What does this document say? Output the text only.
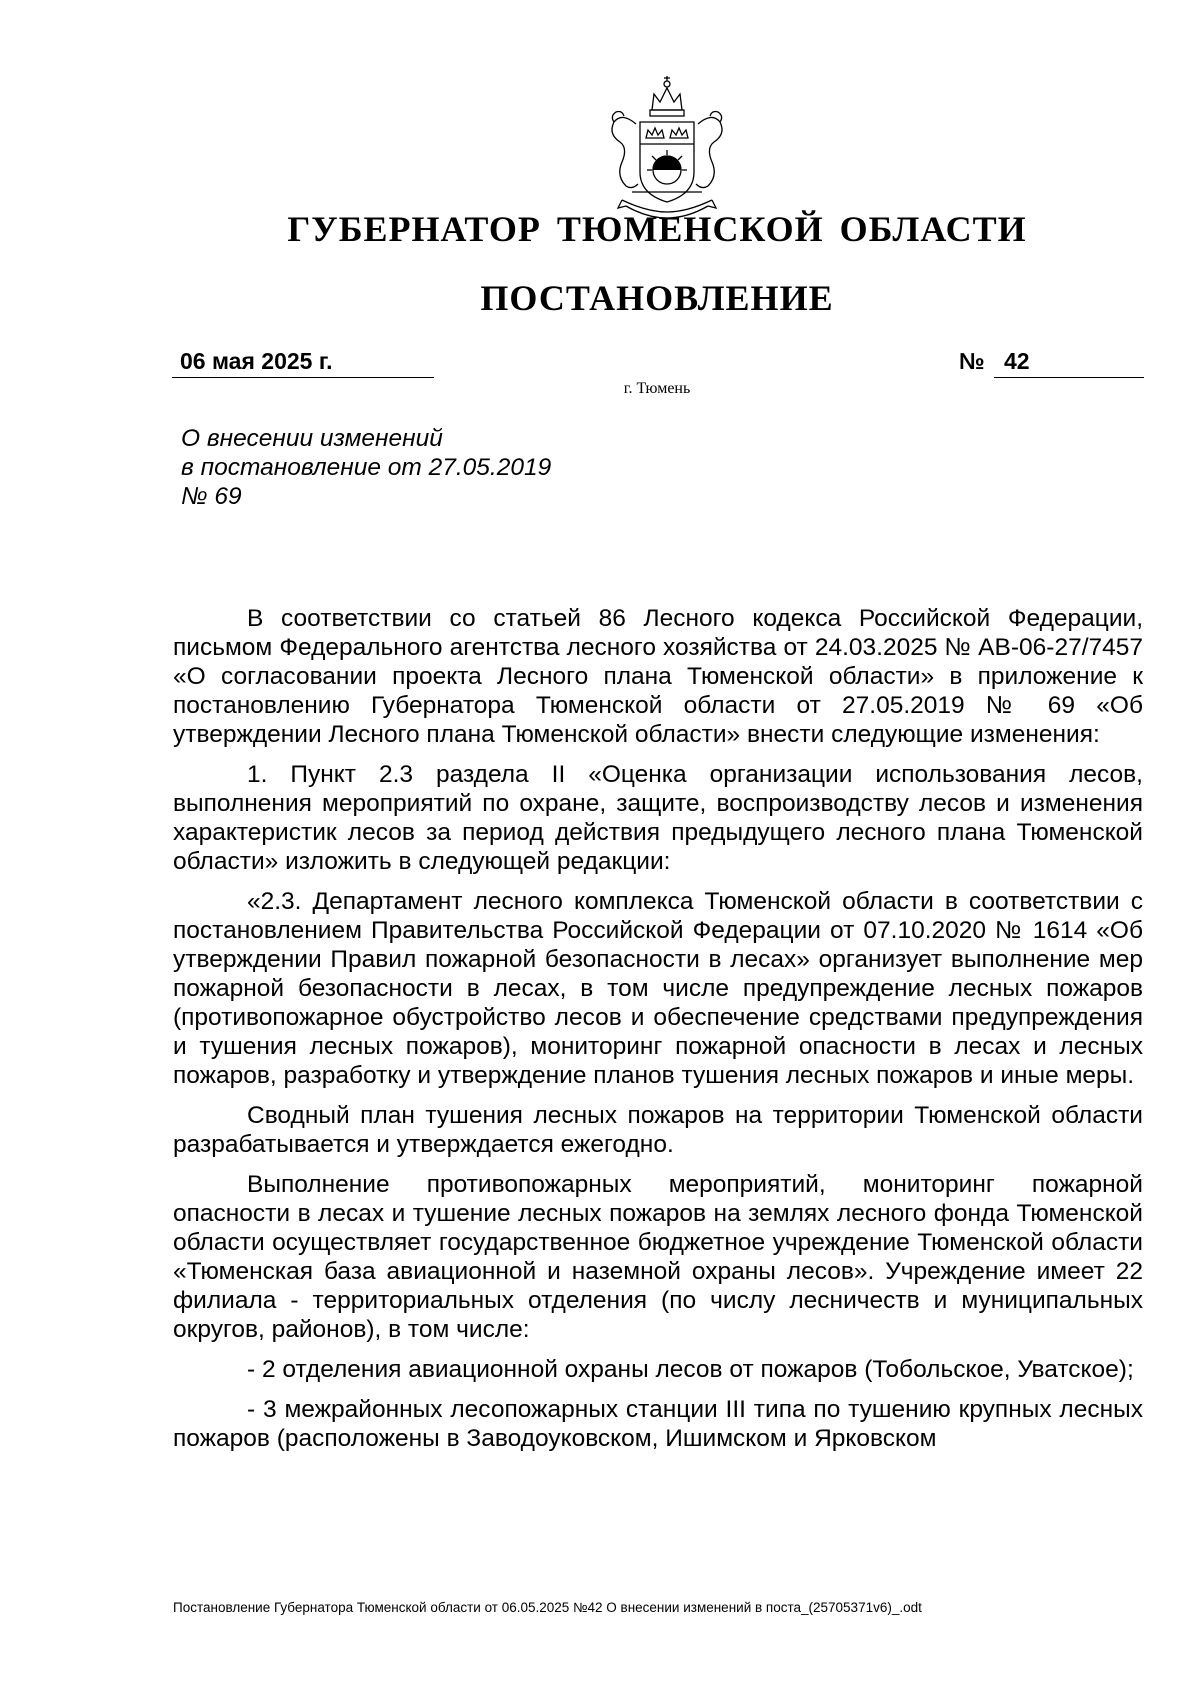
ГУБЕРНАТОР ТЮМЕНСКОЙ ОБЛАСТИ
ПОСТАНОВЛЕНИЕ
06 мая 2025 г.	№ 42
г. Тюмень
О внесении изменений
в постановление от 27.05.2019
№ 69

В соответствии со статьей 86 Лесного кодекса Российской Федерации, письмом Федерального агентства лесного хозяйства от 24.03.2025 № АВ-06-27/7457 «О согласовании проекта Лесного плана Тюменской области» в приложение к постановлению Губернатора Тюменской области от 27.05.2019 № 69 «Об утверждении Лесного плана Тюменской области» внести следующие изменения:

1. Пункт 2.3 раздела II «Оценка организации использования лесов, выполнения мероприятий по охране, защите, воспроизводству лесов и изменения характеристик лесов за период действия предыдущего лесного плана Тюменской области» изложить в следующей редакции:

«2.3. Департамент лесного комплекса Тюменской области в соответствии с постановлением Правительства Российской Федерации от 07.10.2020 № 1614 «Об утверждении Правил пожарной безопасности в лесах» организует выполнение мер пожарной безопасности в лесах, в том числе предупреждение лесных пожаров (противопожарное обустройство лесов и обеспечение средствами предупреждения и тушения лесных пожаров), мониторинг пожарной опасности в лесах и лесных пожаров, разработку и утверждение планов тушения лесных пожаров и иные меры.

Сводный план тушения лесных пожаров на территории Тюменской области разрабатывается и утверждается ежегодно.

Выполнение противопожарных мероприятий, мониторинг пожарной опасности в лесах и тушение лесных пожаров на землях лесного фонда Тюменской области осуществляет государственное бюджетное учреждение Тюменской области «Тюменская база авиационной и наземной охраны лесов». Учреждение имеет 22 филиала - территориальных отделения (по числу лесничеств и муниципальных округов, районов), в том числе:

- 2 отделения авиационной охраны лесов от пожаров (Тобольское, Уватское);

- 3 межрайонных лесопожарных станции III типа по тушению крупных лесных пожаров (расположены в Заводоуковском, Ишимском и Ярковском

Постановление Губернатора Тюменской области от 06.05.2025 №42 О внесении изменений в поста_(25705371v6)_.odt
